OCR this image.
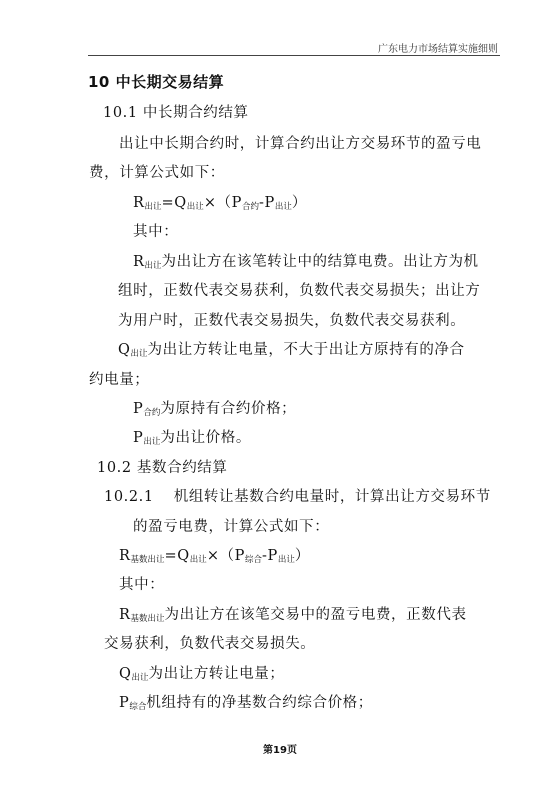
广东电力市场结算实施细则
10 中长期交易结算
10.1 中长期合约结算
出让中长期合约时，计算合约出让方交易环节的盈亏电
费，计算公式如下：
$R_{出让}=Q_{出让}\times(P_{合约}-P_{出让})$
其中：
$R_{出让}$为出让方在该笔转让中的结算电费。出让方为机
组时，正数代表交易获利，负数代表交易损失；出让方
为用户时，正数代表交易损失，负数代表交易获利。
$Q_{出让}$为出让方转让电量，不大于出让方原持有的净合
约电量；
$P_{合约}$为原持有合约价格；
$P_{出让}$为出让价格。
10.2 基数合约结算
10.2.1 机组转让基数合约电量时，计算出让方交易环节
的盈亏电费，计算公式如下：
$R_{基数出让}=Q_{出让}\times(P_{综合}-P_{出让})$
其中：
$R_{基数出让}$为出让方在该笔交易中的盈亏电费，正数代表
交易获利，负数代表交易损失。
$Q_{出让}$为出让方转让电量；
$P_{综合}$机组持有的净基数合约综合价格；
第19页
